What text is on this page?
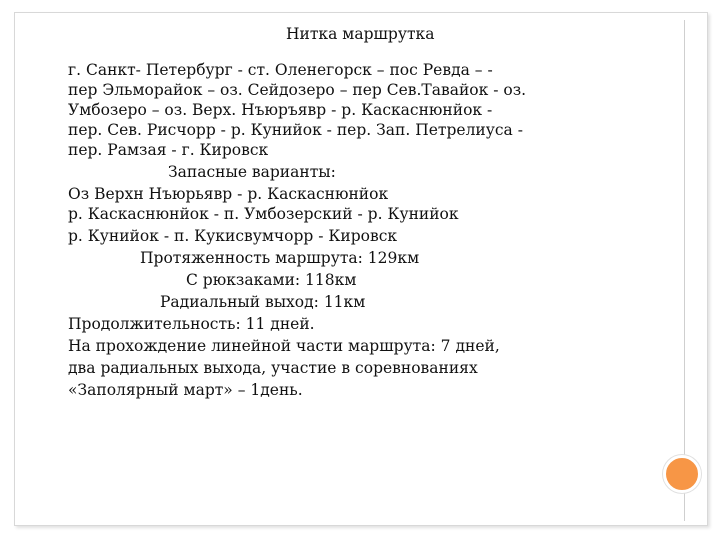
Нитка маршрутка
г. Санкт- Петербург - ст. Оленегорск – пос Ревда – -
пер Эльморайок – оз. Сейдозеро – пер Сев.Тавайок - оз.
Умбозеро – оз. Верх. Нъюръявр - р. Каскаснюнйок -
пер. Сев. Рисчорр - р. Кунийок - пер. Зап. Петрелиуса -
пер. Рамзая - г. Кировск
Запасные варианты:
Оз Верхн Нъюрьявр - р. Каскаснюнйок
р. Каскаснюнйок - п. Умбозерский - р. Кунийок
р. Кунийок - п. Кукисвумчорр - Кировск
Протяженность маршрута: 129км
С рюкзаками: 118км
Радиальный выход: 11км
Продолжительность: 11 дней.
На прохождение линейной части маршрута: 7 дней,
два радиальных выхода, участие в соревнованиях
«Заполярный март» – 1день.
